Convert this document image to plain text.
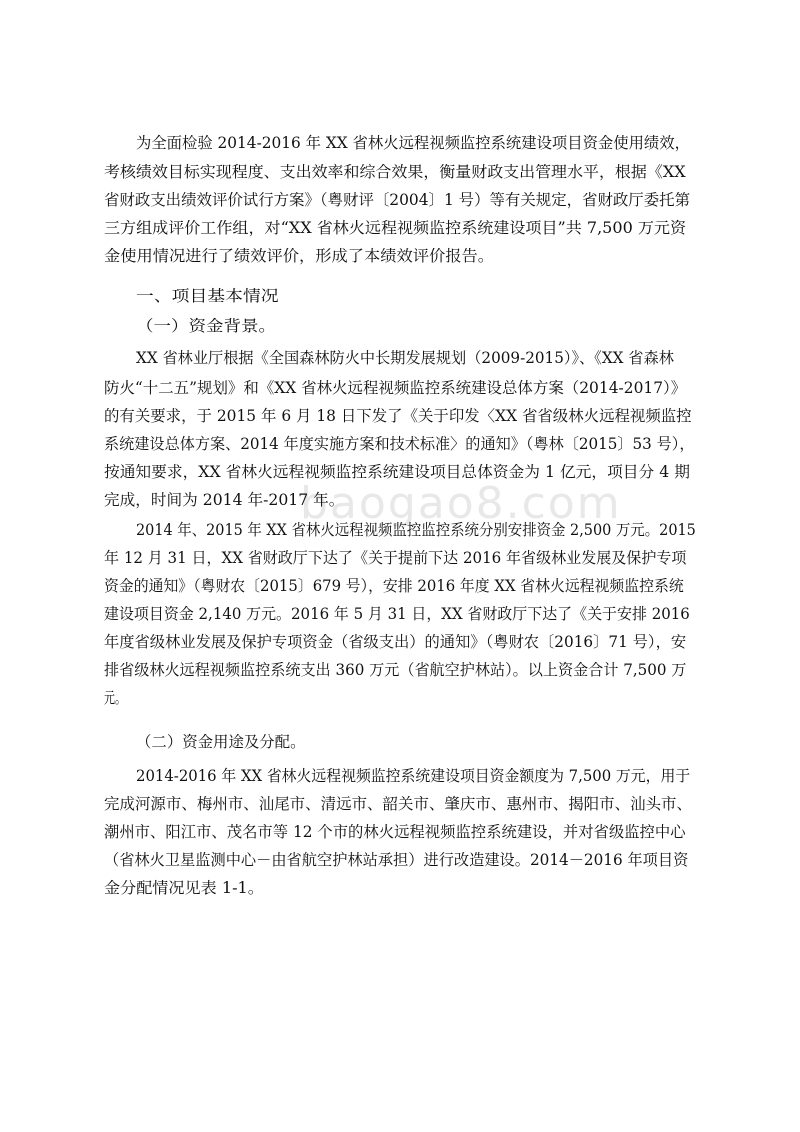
baogao8.com
为全面检验 2014-2016 年 XX 省林火远程视频监控系统建设项目资金使用绩效，
考核绩效目标实现程度、支出效率和综合效果，衡量财政支出管理水平，根据《XX
省财政支出绩效评价试行方案》（粤财评〔2004〕1 号）等有关规定，省财政厅委托第
三方组成评价工作组，对“XX 省林火远程视频监控系统建设项目”共 7,500 万元资
金使用情况进行了绩效评价，形成了本绩效评价报告。
一、项目基本情况
（一）资金背景。
XX 省林业厅根据《全国森林防火中长期发展规划（2009-2015）》、《XX 省森林
防火“十二五”规划》和《XX 省林火远程视频监控系统建设总体方案（2014-2017）》
的有关要求，于 2015 年 6 月 18 日下发了《关于印发〈XX 省省级林火远程视频监控
系统建设总体方案、2014 年度实施方案和技术标准〉的通知》（粤林〔2015〕53 号），
按通知要求，XX 省林火远程视频监控系统建设项目总体资金为 1 亿元，项目分 4 期
完成，时间为 2014 年-2017 年。
2014 年、2015 年 XX 省林火远程视频监控监控系统分别安排资金 2,500 万元。2015
年 12 月 31 日，XX 省财政厅下达了《关于提前下达 2016 年省级林业发展及保护专项
资金的通知》（粤财农〔2015〕679 号），安排 2016 年度 XX 省林火远程视频监控系统
建设项目资金 2,140 万元。2016 年 5 月 31 日，XX 省财政厅下达了《关于安排 2016
年度省级林业发展及保护专项资金（省级支出）的通知》（粤财农〔2016〕71 号），安
排省级林火远程视频监控系统支出 360 万元（省航空护林站）。以上资金合计 7,500 万
元。
（二）资金用途及分配。
2014-2016 年 XX 省林火远程视频监控系统建设项目资金额度为 7,500 万元，用于
完成河源市、梅州市、汕尾市、清远市、韶关市、肇庆市、惠州市、揭阳市、汕头市、
潮州市、阳江市、茂名市等 12 个市的林火远程视频监控系统建设，并对省级监控中心
（省林火卫星监测中心－由省航空护林站承担）进行改造建设。2014－2016 年项目资
金分配情况见表 1-1。
